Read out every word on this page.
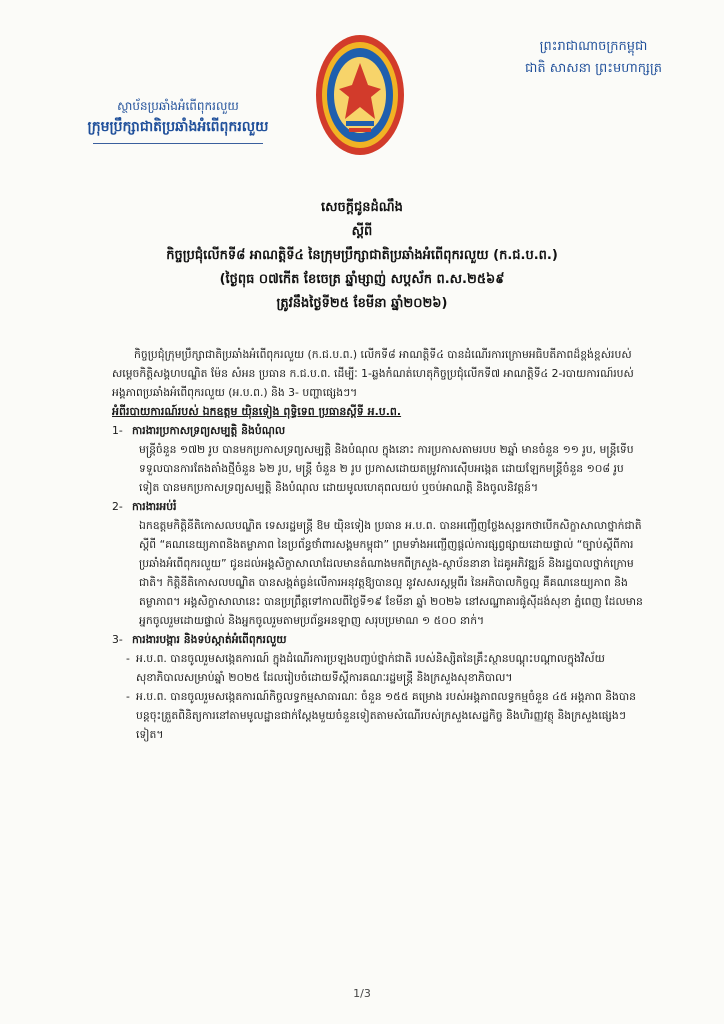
ព្រះរាជាណាចក្រកម្ពុជា
ជាតិ សាសនា ព្រះមហាក្សត្រ
ស្ថាប័នប្រឆាំងអំពើពុករលួយ
ក្រុមប្រឹក្សាជាតិប្រឆាំងអំពើពុករលួយ
សេចក្ដីជូនដំណឹង
ស្ដីពី
កិច្ចប្រជុំលើកទី៨ អាណត្តិទី៤ នៃក្រុមប្រឹក្សាជាតិប្រឆាំងអំពើពុករលួយ (ក.ជ.ប.ព.)
(ថ្ងៃពុធ ០៧កើត ខែចេត្រ ឆ្នាំម្សាញ់ សប្តស័ក ព.ស.២៥៦៩
ត្រូវនឹងថ្ងៃទី២៥ ខែមីនា ឆ្នាំ២០២៦)

កិច្ចប្រជុំក្រុមប្រឹក្សាជាតិប្រឆាំងអំពើពុករលួយ (ក.ជ.ប.ព.) លើកទី៨ អាណត្តិទី៤ បានដំណើរការក្រោមអធិបតីភាពដ៏ខ្ពង់ខ្ពស់របស់ សម្តេចកិត្តិសង្គហបណ្ឌិត ម៉ែន សំអន ប្រធាន ក.ជ.ប.ព. ដើម្បីៈ 1-ឆ្លងកំណត់ហេតុកិច្ចប្រជុំលើកទី៧ អាណត្តិទី៤ 2-របាយការណ៍របស់អង្គភាពប្រឆាំងអំពើពុករលួយ (អ.ប.ព.) និង 3- បញ្ហាផ្សេងៗ។

អំពីរបាយការណ៍របស់ ឯកឧត្តម យ៉ិនទៀង ពុទ្ធិទេព ប្រធានស្ដីទី អ.ប.ព.

1- ការងារប្រកាសទ្រព្យសម្បត្តិ និងបំណុល

មន្ត្រីចំនួន ១៧២ រូប បានមកប្រកាសទ្រព្យសម្បត្តិ និងបំណុល ក្នុងនោះ ការប្រកាសតាមរបប ២ឆ្នាំ មានចំនួន ១១ រូប, មន្ត្រីទើបទទួលបានការតែងតាំងថ្មីចំនួន ៦២ រូប, មន្ត្រី ចំនួន ២ រូប ប្រកាសដោយតម្រូវការស៊ើបអង្កេត ដោយឡែកមន្ត្រីចំនួន ១០៨ រូបទៀត បានមកប្រកាសទ្រព្យសម្បត្តិ និងបំណុល ដោយមូលហេតុពលយប់ ឬចប់អាណត្តិ និងចូលនិវត្តន៍។

2- ការងារអប់រំ

ឯកឧត្តមកិត្តិនីតិកោសលបណ្ឌិត ទេសរដ្ឋមន្ត្រី ឱម យ៉ិនទៀង ប្រធាន អ.ប.ព. បានអញ្ជើញថ្លែងសុន្ទរកថាបើកសិក្ខាសាលាថ្នាក់ជាតិស្តីពី “គណនេយ្យភាពនិងតម្លាភាព នៃប្រព័ន្ធថាំពារសង្គមកម្ពុជា” ព្រមទាំងអញ្ជើញផ្តល់ការផ្សព្វផ្សាយដោយផ្ទាល់ “ច្បាប់ស្តីពីការប្រឆាំងអំពើពុករលួយ” ជូនដល់អង្គសិក្ខាសាលាដែលមានតំណាងមកពីក្រសួង-ស្ថាប័ននានា ដៃគូអភិវឌ្ឍន៍ និងរដ្ឋបាលថ្នាក់ក្រោមជាតិ។ កិត្តិនីតិកោសលបណ្ឌិត បានសង្កត់ធ្ងន់លើការអនុវត្តឱ្យបានល្អ នូវសសរស្តម្ភពីរ នៃអភិបាលកិច្ចល្អ គឺគណនេយ្យភាព និងតម្លាភាព។ អង្គសិក្ខាសាលានេះ បានប្រព្រឹត្តទៅកាលពីថ្ងៃទី១៩ ខែមីនា ឆ្នាំ ២០២៦ នៅសណ្ឋាគារផ៉ូស៊ីដង់សុខា ភ្នំពេញ ដែលមានអ្នកចូលរួមដោយផ្ទាល់ និងអ្នកចូលរួមតាមប្រព័ន្ធអនឡាញ សរុបប្រមាណ ១ ៥០០ នាក់។

3- ការងារបង្ការ និងទប់ស្កាត់អំពើពុករលួយ

- អ.ប.ព. បានចូលរួមសង្កេតការណ៍ ក្នុងដំណើរការប្រឡងបញ្ចប់ថ្នាក់ជាតិ របស់និស្សិតនៃគ្រឹះស្ថានបណ្តុះបណ្តាលក្នុងវិស័យសុខាភិបាលសម្រាប់ឆ្នាំ ២០២៥ ដែលរៀបចំដោយទីស្តីការគណៈរដ្ឋមន្ត្រី និងក្រសួងសុខាភិបាល។

- អ.ប.ព. បានចូលរួមសង្កេតការណ៍កិច្ចលទ្ធកម្មសាធារណៈ ចំនួន ១៥៥ គម្រោង របស់អង្គភាពលទ្ធកម្មចំនួន ៤៥ អង្គភាព និងបានបន្តចុះត្រួតពិនិត្យការនៅតាមមូលដ្ឋានជាក់ស្តែងមួយចំនួនទៀតតាមសំណើរបស់ក្រសួងសេដ្ឋកិច្ច និងហិរញ្ញវត្ថុ និងក្រសួងផ្សេងៗទៀត។

1/3
